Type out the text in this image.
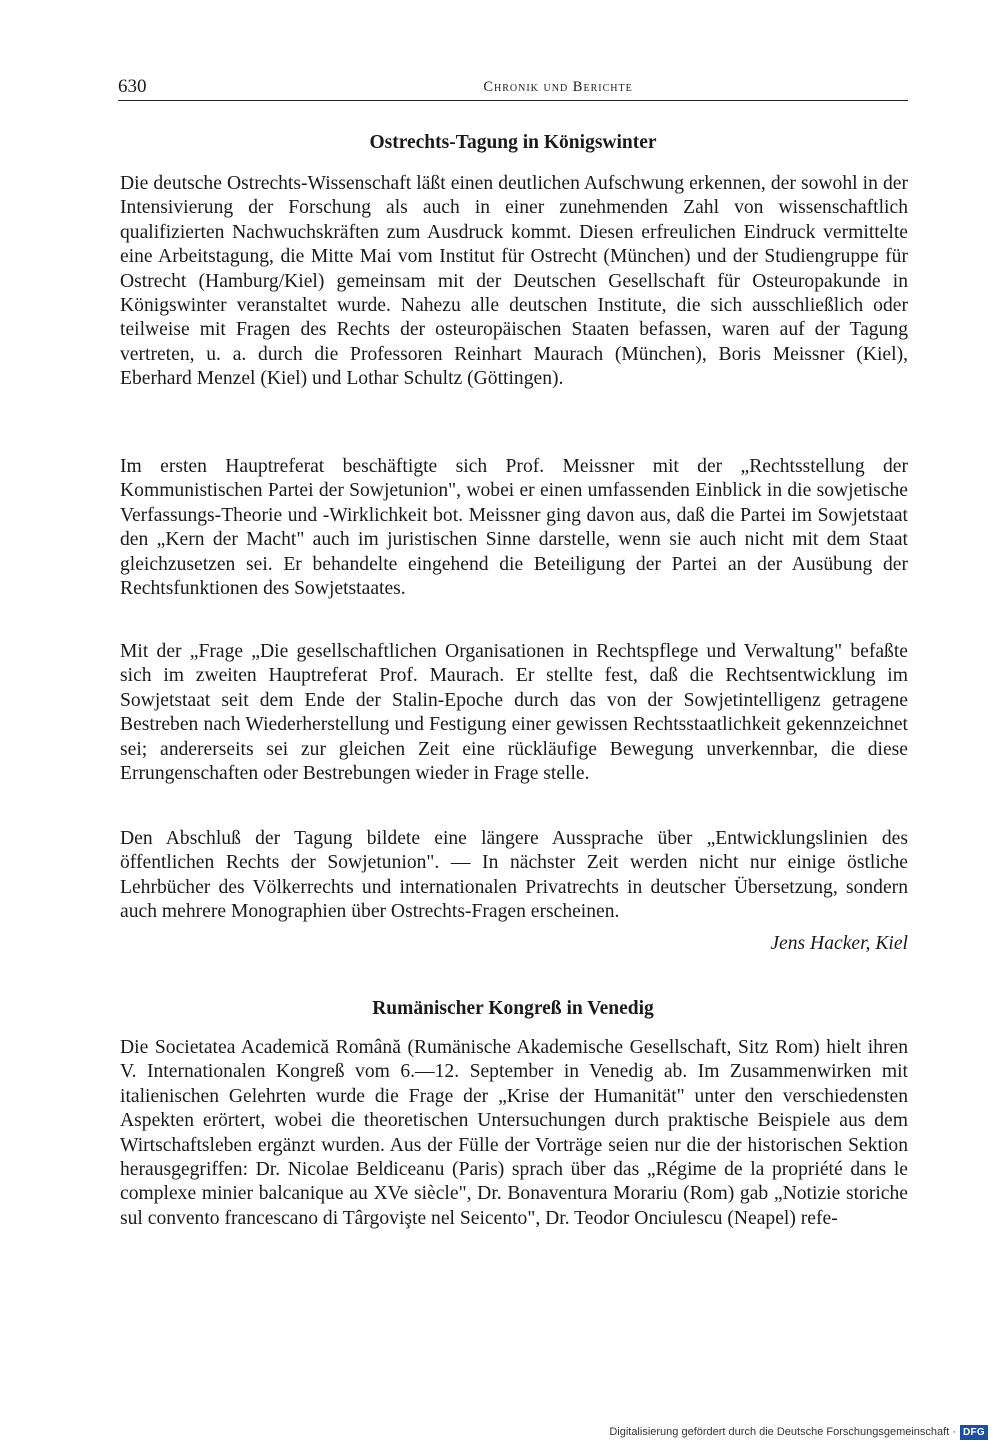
630	Chronik und Berichte
Ostrechts-Tagung in Königswinter

Die deutsche Ostrechts-Wissenschaft läßt einen deutlichen Aufschwung erkennen, der sowohl in der Intensivierung der Forschung als auch in einer zunehmenden Zahl von wissenschaftlich qualifizierten Nachwuchskräften zum Ausdruck kommt. Diesen erfreulichen Eindruck vermittelte eine Arbeitstagung, die Mitte Mai vom Institut für Ostrecht (München) und der Studiengruppe für Ostrecht (Hamburg/Kiel) gemeinsam mit der Deutschen Gesellschaft für Osteuropakunde in Königswinter veranstaltet wurde. Nahezu alle deutschen Institute, die sich ausschließlich oder teilweise mit Fragen des Rechts der osteuropäischen Staaten befassen, waren auf der Tagung vertreten, u. a. durch die Professoren Reinhart Maurach (München), Boris Meissner (Kiel), Eberhard Menzel (Kiel) und Lothar Schultz (Göttingen).

Im ersten Hauptreferat beschäftigte sich Prof. Meissner mit der „Rechtsstellung der Kommunistischen Partei der Sowjetunion", wobei er einen umfassenden Einblick in die sowjetische Verfassungs-Theorie und -Wirklichkeit bot. Meissner ging davon aus, daß die Partei im Sowjetstaat den „Kern der Macht" auch im juristischen Sinne darstelle, wenn sie auch nicht mit dem Staat gleichzusetzen sei. Er behandelte eingehend die Beteiligung der Partei an der Ausübung der Rechtsfunktionen des Sowjetstaates.

Mit der „Frage „Die gesellschaftlichen Organisationen in Rechtspflege und Verwaltung" befaßte sich im zweiten Hauptreferat Prof. Maurach. Er stellte fest, daß die Rechtsentwicklung im Sowjetstaat seit dem Ende der Stalin-Epoche durch das von der Sowjetintelligenz getragene Bestreben nach Wiederherstellung und Festigung einer gewissen Rechtsstaatlichkeit gekennzeichnet sei; andererseits sei zur gleichen Zeit eine rückläufige Bewegung unverkennbar, die diese Errungenschaften oder Bestrebungen wieder in Frage stelle.

Den Abschluß der Tagung bildete eine längere Aussprache über „Entwicklungslinien des öffentlichen Rechts der Sowjetunion". — In nächster Zeit werden nicht nur einige östliche Lehrbücher des Völkerrechts und internationalen Privatrechts in deutscher Übersetzung, sondern auch mehrere Monographien über Ostrechts-Fragen erscheinen.

Jens Hacker, Kiel
Rumänischer Kongreß in Venedig

Die Societatea Academică Română (Rumänische Akademische Gesellschaft, Sitz Rom) hielt ihren V. Internationalen Kongreß vom 6.—12. September in Venedig ab. Im Zusammenwirken mit italienischen Gelehrten wurde die Frage der „Krise der Humanität" unter den verschiedensten Aspekten erörtert, wobei die theoretischen Untersuchungen durch praktische Beispiele aus dem Wirtschaftsleben ergänzt wurden. Aus der Fülle der Vorträge seien nur die der historischen Sektion herausgegriffen: Dr. Nicolae Beldiceanu (Paris) sprach über das „Régime de la propriété dans le complexe minier balcanique au XVe siècle", Dr. Bonaventura Morariu (Rom) gab „Notizie storiche sul convento francescano di Târgovişte nel Seicento", Dr. Teodor Onciulescu (Neapel) refe-

Digitalisierung gefördert durch die Deutsche Forschungsgemeinschaft · DFG
